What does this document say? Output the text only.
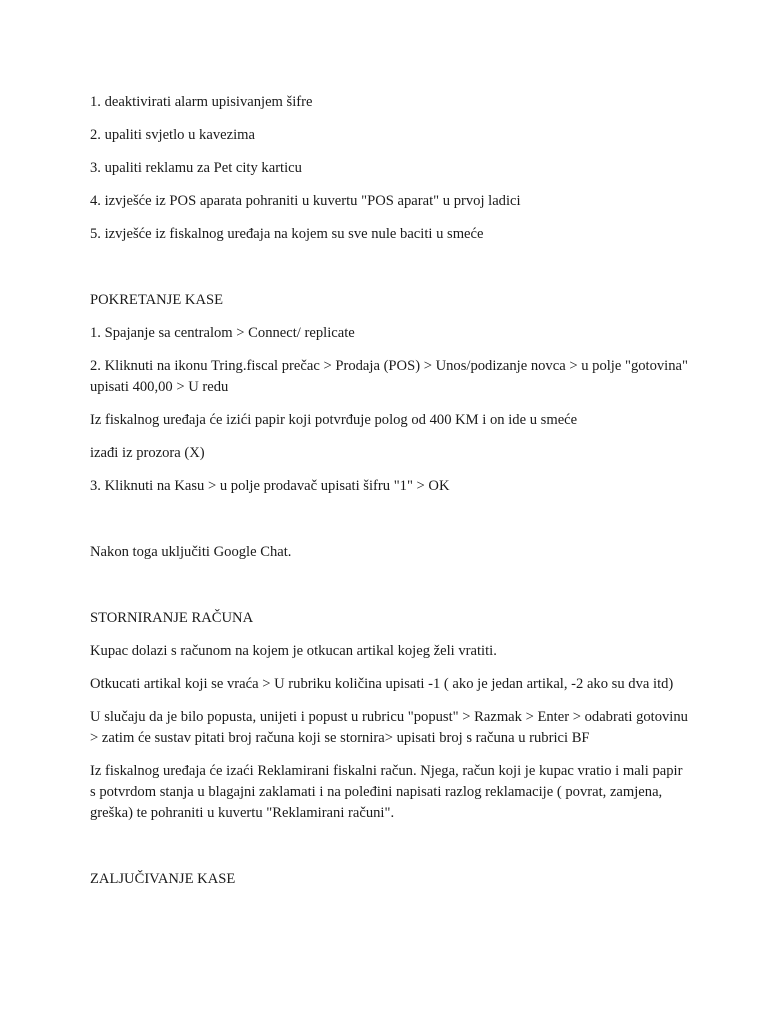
1. deaktivirati alarm upisivanjem šifre

2. upaliti svjetlo u kavezima

3. upaliti reklamu za Pet city karticu

4. izvješće iz POS aparata pohraniti u kuvertu "POS aparat" u prvoj ladici

5. izvješće iz fiskalnog uređaja na kojem su sve nule baciti u smeće

POKRETANJE KASE

1. Spajanje sa centralom > Connect/ replicate

2. Kliknuti na ikonu Tring.fiscal prečac > Prodaja (POS) > Unos/podizanje novca > u polje "gotovina" upisati 400,00 > U redu

Iz fiskalnog uređaja će izići papir koji potvrđuje polog od 400 KM i on ide u smeće

izađi iz prozora (X)

3. Kliknuti na Kasu > u polje prodavač upisati šifru "1" > OK

Nakon toga uključiti Google Chat.

STORNIRANJE RAČUNA

Kupac dolazi s računom na kojem je otkucan artikal kojeg želi vratiti.

Otkucati artikal koji se vraća > U rubriku količina upisati -1 ( ako je jedan artikal, -2 ako su dva itd)

U slučaju da je bilo popusta, unijeti i popust u rubricu "popust" > Razmak > Enter > odabrati gotovinu > zatim će sustav pitati broj računa koji se stornira> upisati broj s računa u rubrici BF

Iz fiskalnog uređaja će izaći Reklamirani fiskalni račun. Njega, račun koji je kupac vratio i mali papir s potvrdom stanja u blagajni zaklamati i na poleđini napisati razlog reklamacije ( povrat, zamjena, greška) te pohraniti u kuvertu "Reklamirani računi".

ZALJUČIVANJE KASE
